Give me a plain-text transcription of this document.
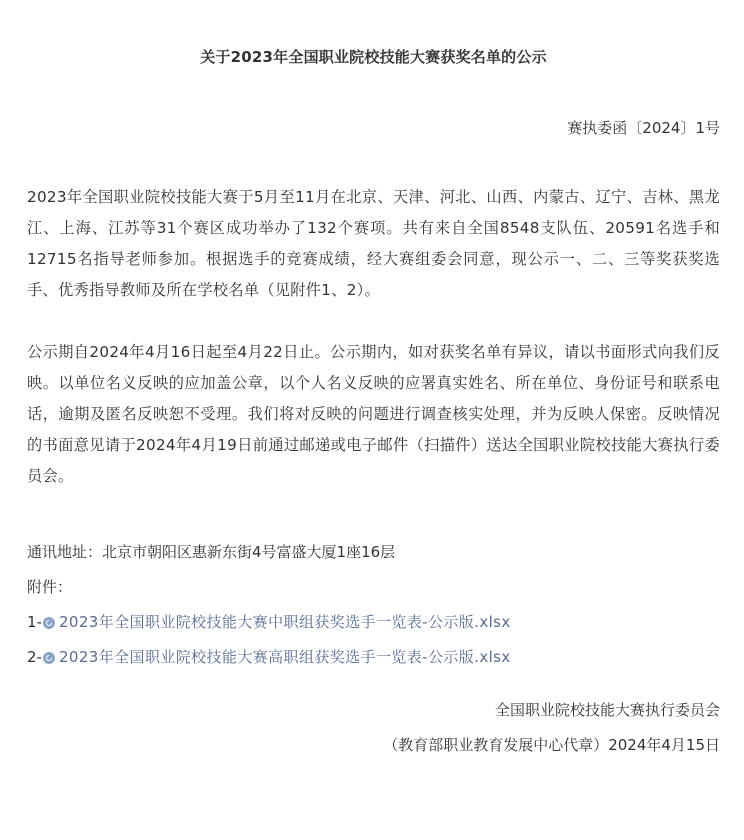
关于2023年全国职业院校技能大赛获奖名单的公示
赛执委函〔2024〕1号

2023年全国职业院校技能大赛于5月至11月在北京、天津、河北、山西、内蒙古、辽宁、吉林、黑龙江、上海、江苏等31个赛区成功举办了132个赛项。共有来自全国8548支队伍、20591名选手和12715名指导老师参加。根据选手的竞赛成绩，经大赛组委会同意，现公示一、二、三等奖获奖选手、优秀指导教师及所在学校名单（见附件1、2）。

公示期自2024年4月16日起至4月22日止。公示期内，如对获奖名单有异议，请以书面形式向我们反映。以单位名义反映的应加盖公章，以个人名义反映的应署真实姓名、所在单位、身份证号和联系电话，逾期及匿名反映恕不受理。我们将对反映的问题进行调查核实处理，并为反映人保密。反映情况的书面意见请于2024年4月19日前通过邮递或电子邮件（扫描件）送达全国职业院校技能大赛执行委员会。

通讯地址：北京市朝阳区惠新东街4号富盛大厦1座16层
附件：
1- 2023年全国职业院校技能大赛中职组获奖选手一览表-公示版.xlsx
2- 2023年全国职业院校技能大赛高职组获奖选手一览表-公示版.xlsx
全国职业院校技能大赛执行委员会
（教育部职业教育发展中心代章）2024年4月15日
